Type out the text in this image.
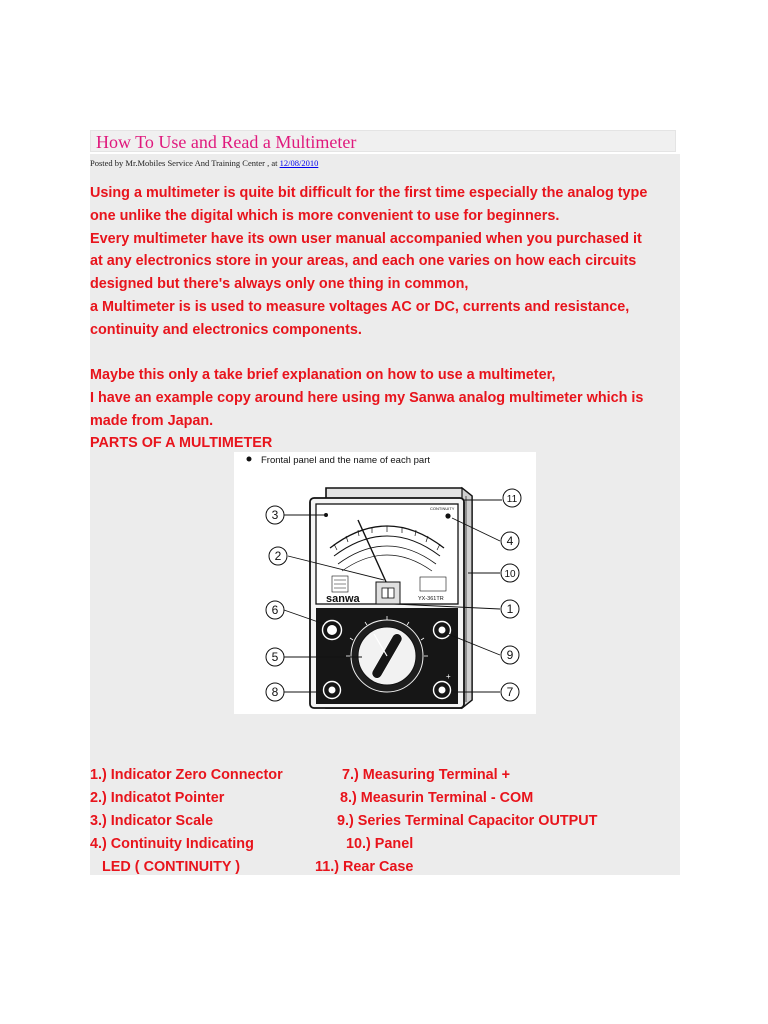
How To Use and Read a Multimeter
Posted by Mr.Mobiles Service And Training Center , at 12/08/2010

Using a multimeter is quite bit difficult for the first time especially the analog type

one unlike the digital which is more convenient to use for beginners.

Every multimeter have its own user manual accompanied when you purchased it

at any electronics store in your areas, and each one varies on how each circuits

designed but there's always only one thing in common,

a Multimeter is is used to measure voltages AC or DC, currents and resistance,

continuity and electronics components.

Maybe this only a take brief explanation on how to use a multimeter,

I have an example copy around here using my Sanwa analog multimeter which is

made from Japan.

PARTS OF A MULTIMETER

Frontal panel and the name of each part
CONTINUITY
sanwa	YX-361TR
+
3
2
6
5
8
11
4
10
1
9
7
1.) Indicator Zero Connector	7.) Measuring Terminal +
2.) Indicatot Pointer	8.) Measurin Terminal - COM
3.) Indicator Scale	9.) Series Terminal Capacitor OUTPUT
4.) Continuity Indicating	10.) Panel
LED ( CONTINUITY )	11.) Rear Case
